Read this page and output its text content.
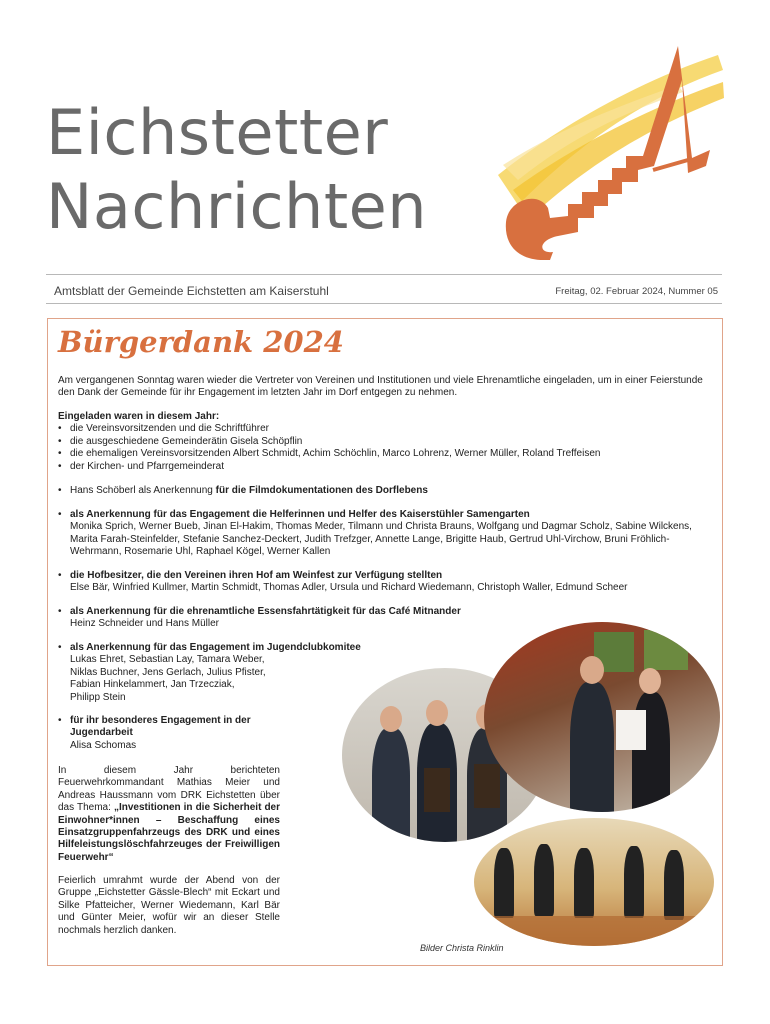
Eichstetter
Nachrichten
Amtsblatt der Gemeinde Eichstetten am Kaiserstuhl	Freitag, 02. Februar 2024, Nummer 05
Bürgerdank 2024
Am vergangenen Sonntag waren wieder die Vertreter von Vereinen und Institutionen und viele Ehrenamtliche eingeladen, um in einer Feierstunde den Dank der Gemeinde für ihr Engagement im letzten Jahr im Dorf entgegen zu nehmen.
Eingeladen waren in diesem Jahr:
• die Vereinsvorsitzenden und die Schriftführer
• die ausgeschiedene Gemeinderätin Gisela Schöpflin
• die ehemaligen Vereinsvorsitzenden Albert Schmidt, Achim Schöchlin, Marco Lohrenz, Werner Müller, Roland Treffeisen
• der Kirchen- und Pfarrgemeinderat
• Hans Schöberl als Anerkennung für die Filmdokumentationen des Dorflebens
• als Anerkennung für das Engagement die Helferinnen und Helfer des Kaiserstühler Samengarten
Monika Sprich, Werner Bueb, Jinan El-Hakim, Thomas Meder, Tilmann und Christa Brauns, Wolfgang und Dagmar Scholz, Sabine Wilckens, Marita Farah-Steinfelder, Stefanie Sanchez-Deckert, Judith Trefzger, Annette Lange, Brigitte Haub, Gertrud Uhl-Virchow, Bruni Fröhlich-Wehrmann, Rosemarie Uhl, Raphael Kögel, Werner Kallen
• die Hofbesitzer, die den Vereinen ihren Hof am Weinfest zur Verfügung stellten
Else Bär, Winfried Kullmer, Martin Schmidt, Thomas Adler, Ursula und Richard Wiedemann, Christoph Waller, Edmund Scheer
• als Anerkennung für die ehrenamtliche Essensfahrtätigkeit für das Café Mitnander
Heinz Schneider und Hans Müller
• als Anerkennung für das Engagement im Jugendclubkomitee
Lukas Ehret, Sebastian Lay, Tamara Weber,
Niklas Buchner, Jens Gerlach, Julius Pfister,
Fabian Hinkelammert, Jan Trzecziak,
Philipp Stein
• für ihr besonderes Engagement in der Jugendarbeit
Alisa Schomas
In diesem Jahr berichteten Feuerwehrkommandant Mathias Meier und Andreas Haussmann vom DRK Eichstetten über das Thema: „Investitionen in die Sicherheit der Einwohner*innen – Beschaffung eines Einsatzgruppenfahrzeugs des DRK und eines Hilfeleistungslöschfahrzeuges der Freiwilligen Feuerwehr“
Feierlich umrahmt wurde der Abend von der Gruppe „Eichstetter Gässle-Blech“ mit Eckart und Silke Pfatteicher, Werner Wiedemann, Karl Bär und Günter Meier, wofür wir an dieser Stelle nochmals herzlich danken.
Bilder Christa Rinklin
